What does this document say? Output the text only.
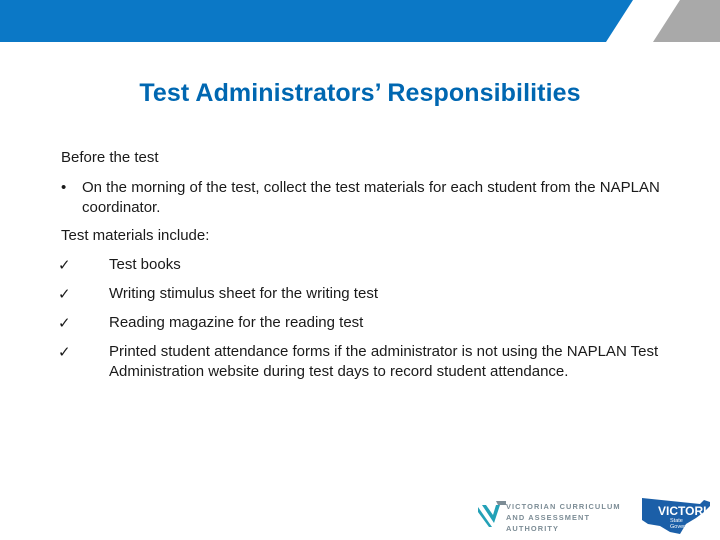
Test Administrators’ Responsibilities
Before the test
• On the morning of the test, collect the test materials for each student from the NAPLAN coordinator.
Test materials include:
✓	Test books
✓	Writing stimulus sheet for the writing test
✓	Reading magazine for the reading test
✓	Printed student attendance forms if the administrator is not using the NAPLAN Test Administration website during test days to record student attendance.
VICTORIAN CURRICULUM
AND ASSESSMENT AUTHORITY
VICTORIA
State
Government
